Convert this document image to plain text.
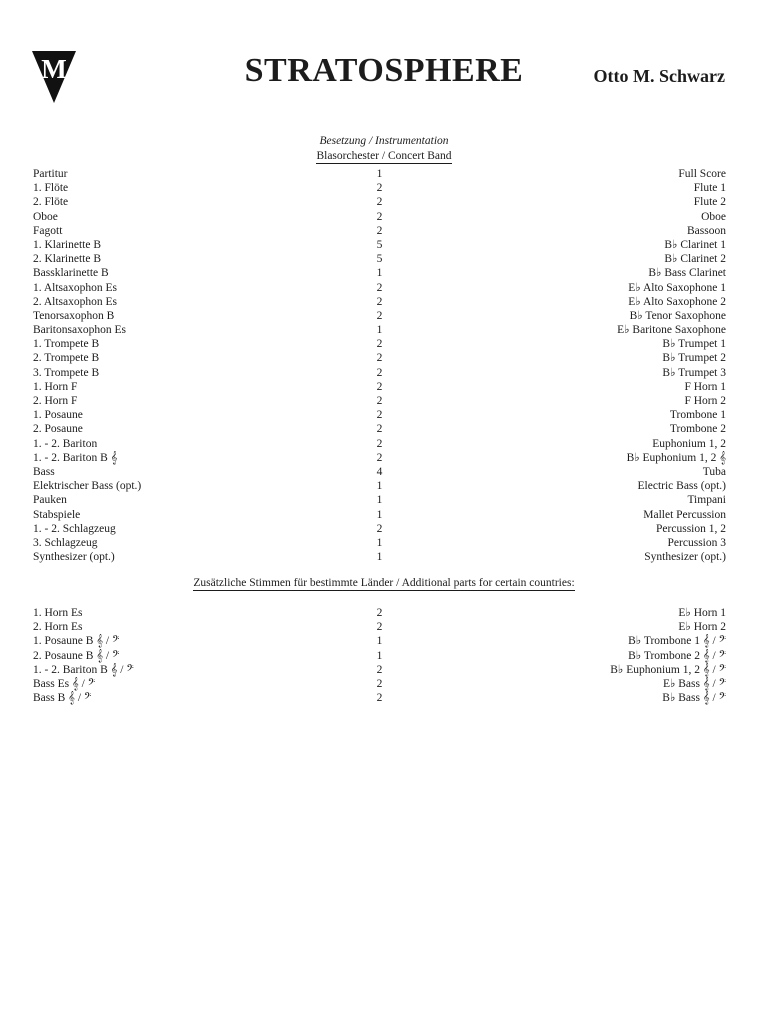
M	STRATOSPHERE	Otto M. Schwarz
Besetzung / Instrumentation
Blasorchester / Concert Band
Partitur	1	Full Score
1. Flöte	2	Flute 1
2. Flöte	2	Flute 2
Oboe	2	Oboe
Fagott	2	Bassoon
1. Klarinette B	5	B♭ Clarinet 1
2. Klarinette B	5	B♭ Clarinet 2
Bassklarinette B	1	B♭ Bass Clarinet
1. Altsaxophon Es	2	E♭ Alto Saxophone 1
2. Altsaxophon Es	2	E♭ Alto Saxophone 2
Tenorsaxophon B	2	B♭ Tenor Saxophone
Baritonsaxophon Es	1	E♭ Baritone Saxophone
1. Trompete B	2	B♭ Trumpet 1
2. Trompete B	2	B♭ Trumpet 2
3. Trompete B	2	B♭ Trumpet 3
1. Horn F	2	F Horn 1
2. Horn F	2	F Horn 2
1. Posaune	2	Trombone 1
2. Posaune	2	Trombone 2
1. - 2. Bariton	2	Euphonium 1, 2
1. - 2. Bariton B 𝄞	2	B♭ Euphonium 1, 2 𝄞
Bass	4	Tuba
Elektrischer Bass (opt.)	1	Electric Bass (opt.)
Pauken	1	Timpani
Stabspiele	1	Mallet Percussion
1. - 2. Schlagzeug	2	Percussion 1, 2
3. Schlagzeug	1	Percussion 3
Synthesizer (opt.)	1	Synthesizer (opt.)
Zusätzliche Stimmen für bestimmte Länder / Additional parts for certain countries:
1. Horn Es	2	E♭ Horn 1
2. Horn Es	2	E♭ Horn 2
1. Posaune B 𝄞 / 𝄢	1	B♭ Trombone 1 𝄞 / 𝄢
2. Posaune B 𝄞 / 𝄢	1	B♭ Trombone 2 𝄞 / 𝄢
1. - 2. Bariton B 𝄞 / 𝄢	2	B♭ Euphonium 1, 2 𝄞 / 𝄢
Bass Es 𝄞 / 𝄢	2	E♭ Bass 𝄞 / 𝄢
Bass B 𝄞 / 𝄢	2	B♭ Bass 𝄞 / 𝄢
